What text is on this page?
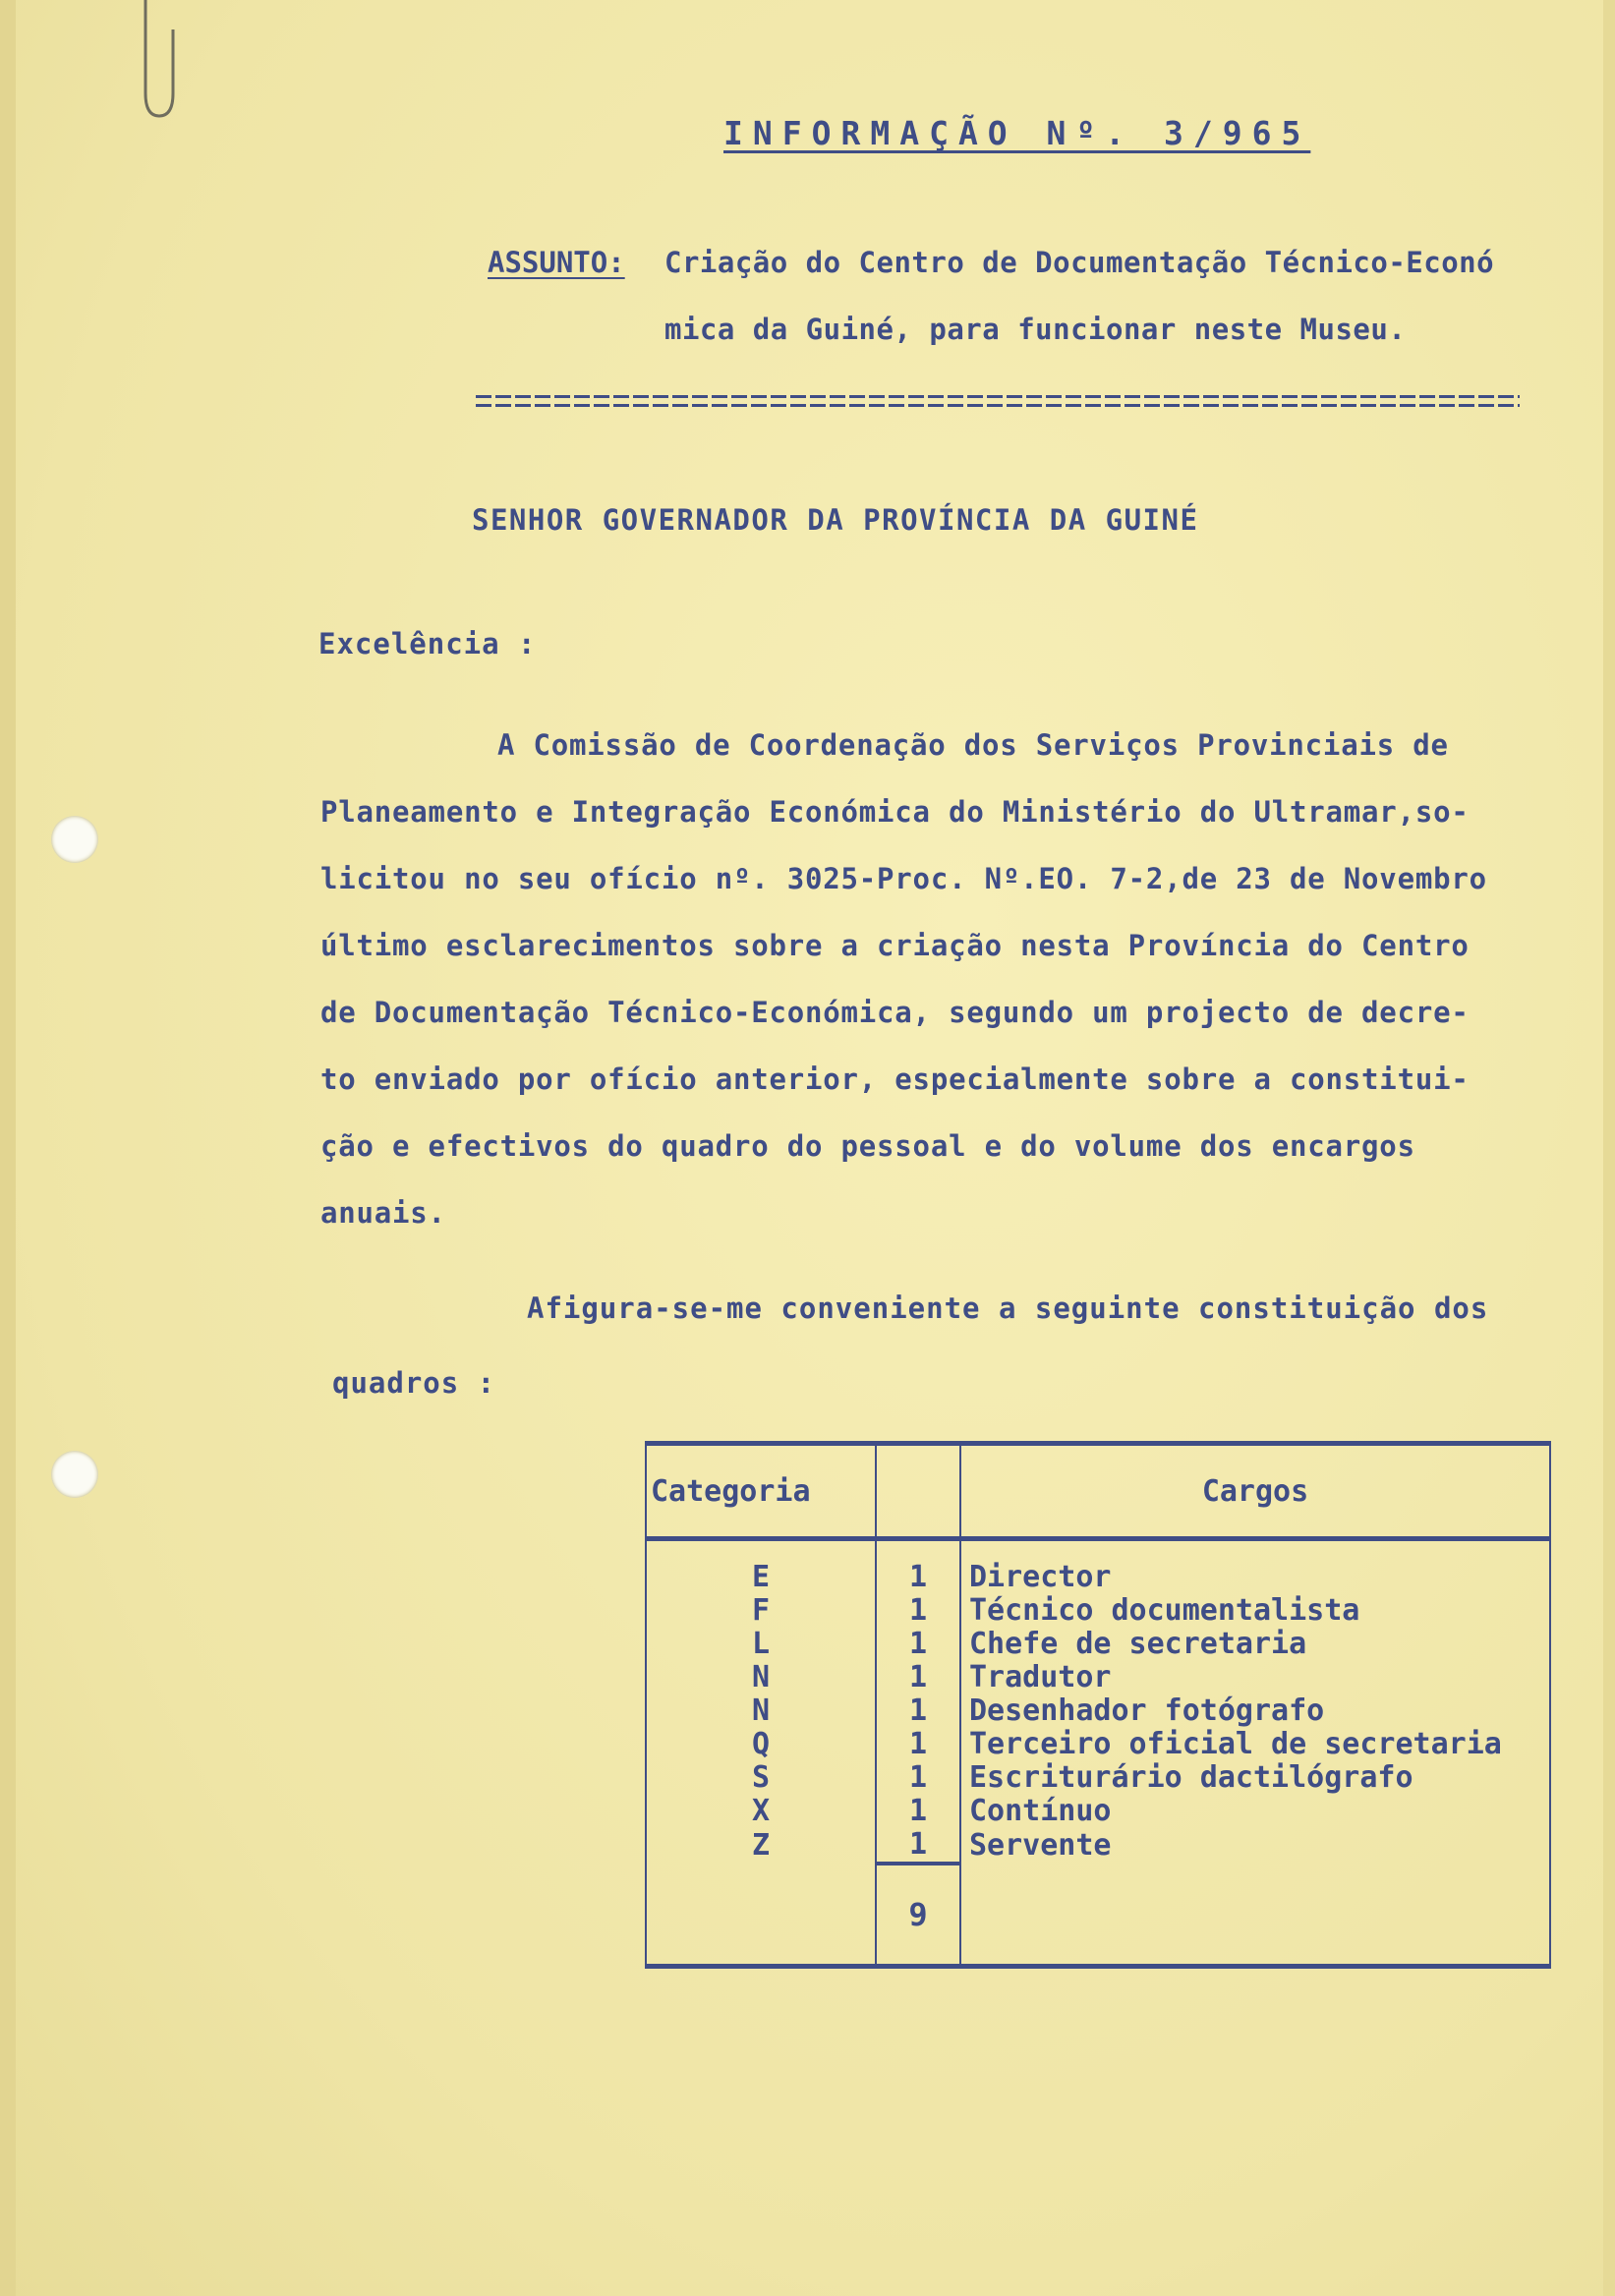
INFORMAÇÃO Nº. 3/965
ASSUNTO: Criação do Centro de Documentação Técnico-Econó
mica da Guiné, para funcionar neste Museu.
SENHOR GOVERNADOR DA PROVÍNCIA DA GUINÉ
Excelência :
A Comissão de Coordenação dos Serviços Provinciais de
Planeamento e Integração Económica do Ministério do Ultramar,so-
licitou no seu ofício nº. 3025-Proc. Nº.EO. 7-2,de 23 de Novembro
último esclarecimentos sobre a criação nesta Província do Centro
de Documentação Técnico-Económica, segundo um projecto de decre-
to enviado por ofício anterior, especialmente sobre a constitui-
ção e efectivos do quadro do pessoal e do volume dos encargos
anuais.
Afigura-se-me conveniente a seguinte constituição dos
quadros :
Categoria		Cargos
E	1	Director
F	1	Técnico documentalista
L	1	Chefe de secretaria
N	1	Tradutor
N	1	Desenhador fotógrafo
Q	1	Terceiro oficial de secretaria
S	1	Escriturário dactilógrafo
X	1	Contínuo
Z	1	Servente
	9	
